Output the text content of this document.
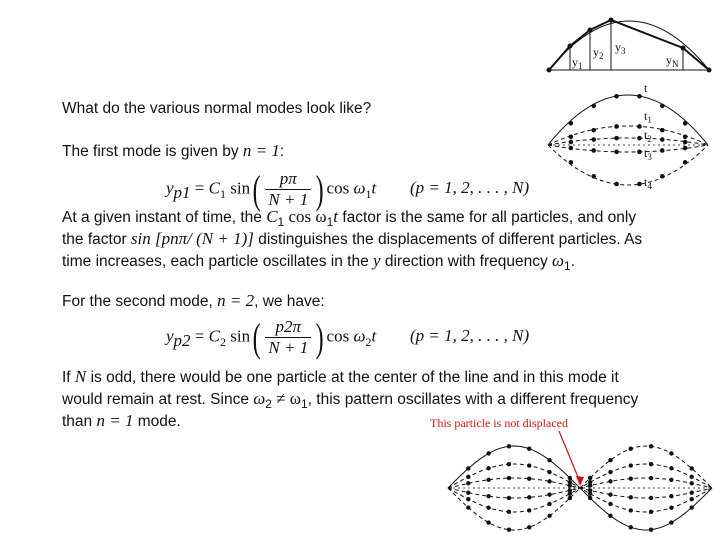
$y_1$
$y_2$
$y_3$
$y_N$
t
$t_1$
$t_2$
$t_3$
$t_4$
This particle is not displaced
What do the various normal modes look like?
The first mode is given by n = 1:
$y_{p1} = C_1$ $\sin( \frac{p\pi}{N + 1}$ ) $\cos \omega_1t$ (p = 1, 2, . . . , N)
At a given instant of time, the $C_1$ $\cos \omega_1t$ factor is the same for all particles, and only
the factor sin [pnπ/ (N + 1)] distinguishes the displacements of different particles. As
time increases, each particle oscillates in the y direction with frequency $\omega_1$.
For the second mode, n = 2, we have:
$y_{p2} = C_2$ $\sin( \frac{p2\pi}{N + 1}$ ) $\cos \omega_2t$ (p = 1, 2, . . . , N)
If N is odd, there would be one particle at the center of the line and in this mode it
would remain at rest. Since $\omega_2 \ne \omega_1$, this pattern oscillates with a different frequency
than n = 1 mode.
